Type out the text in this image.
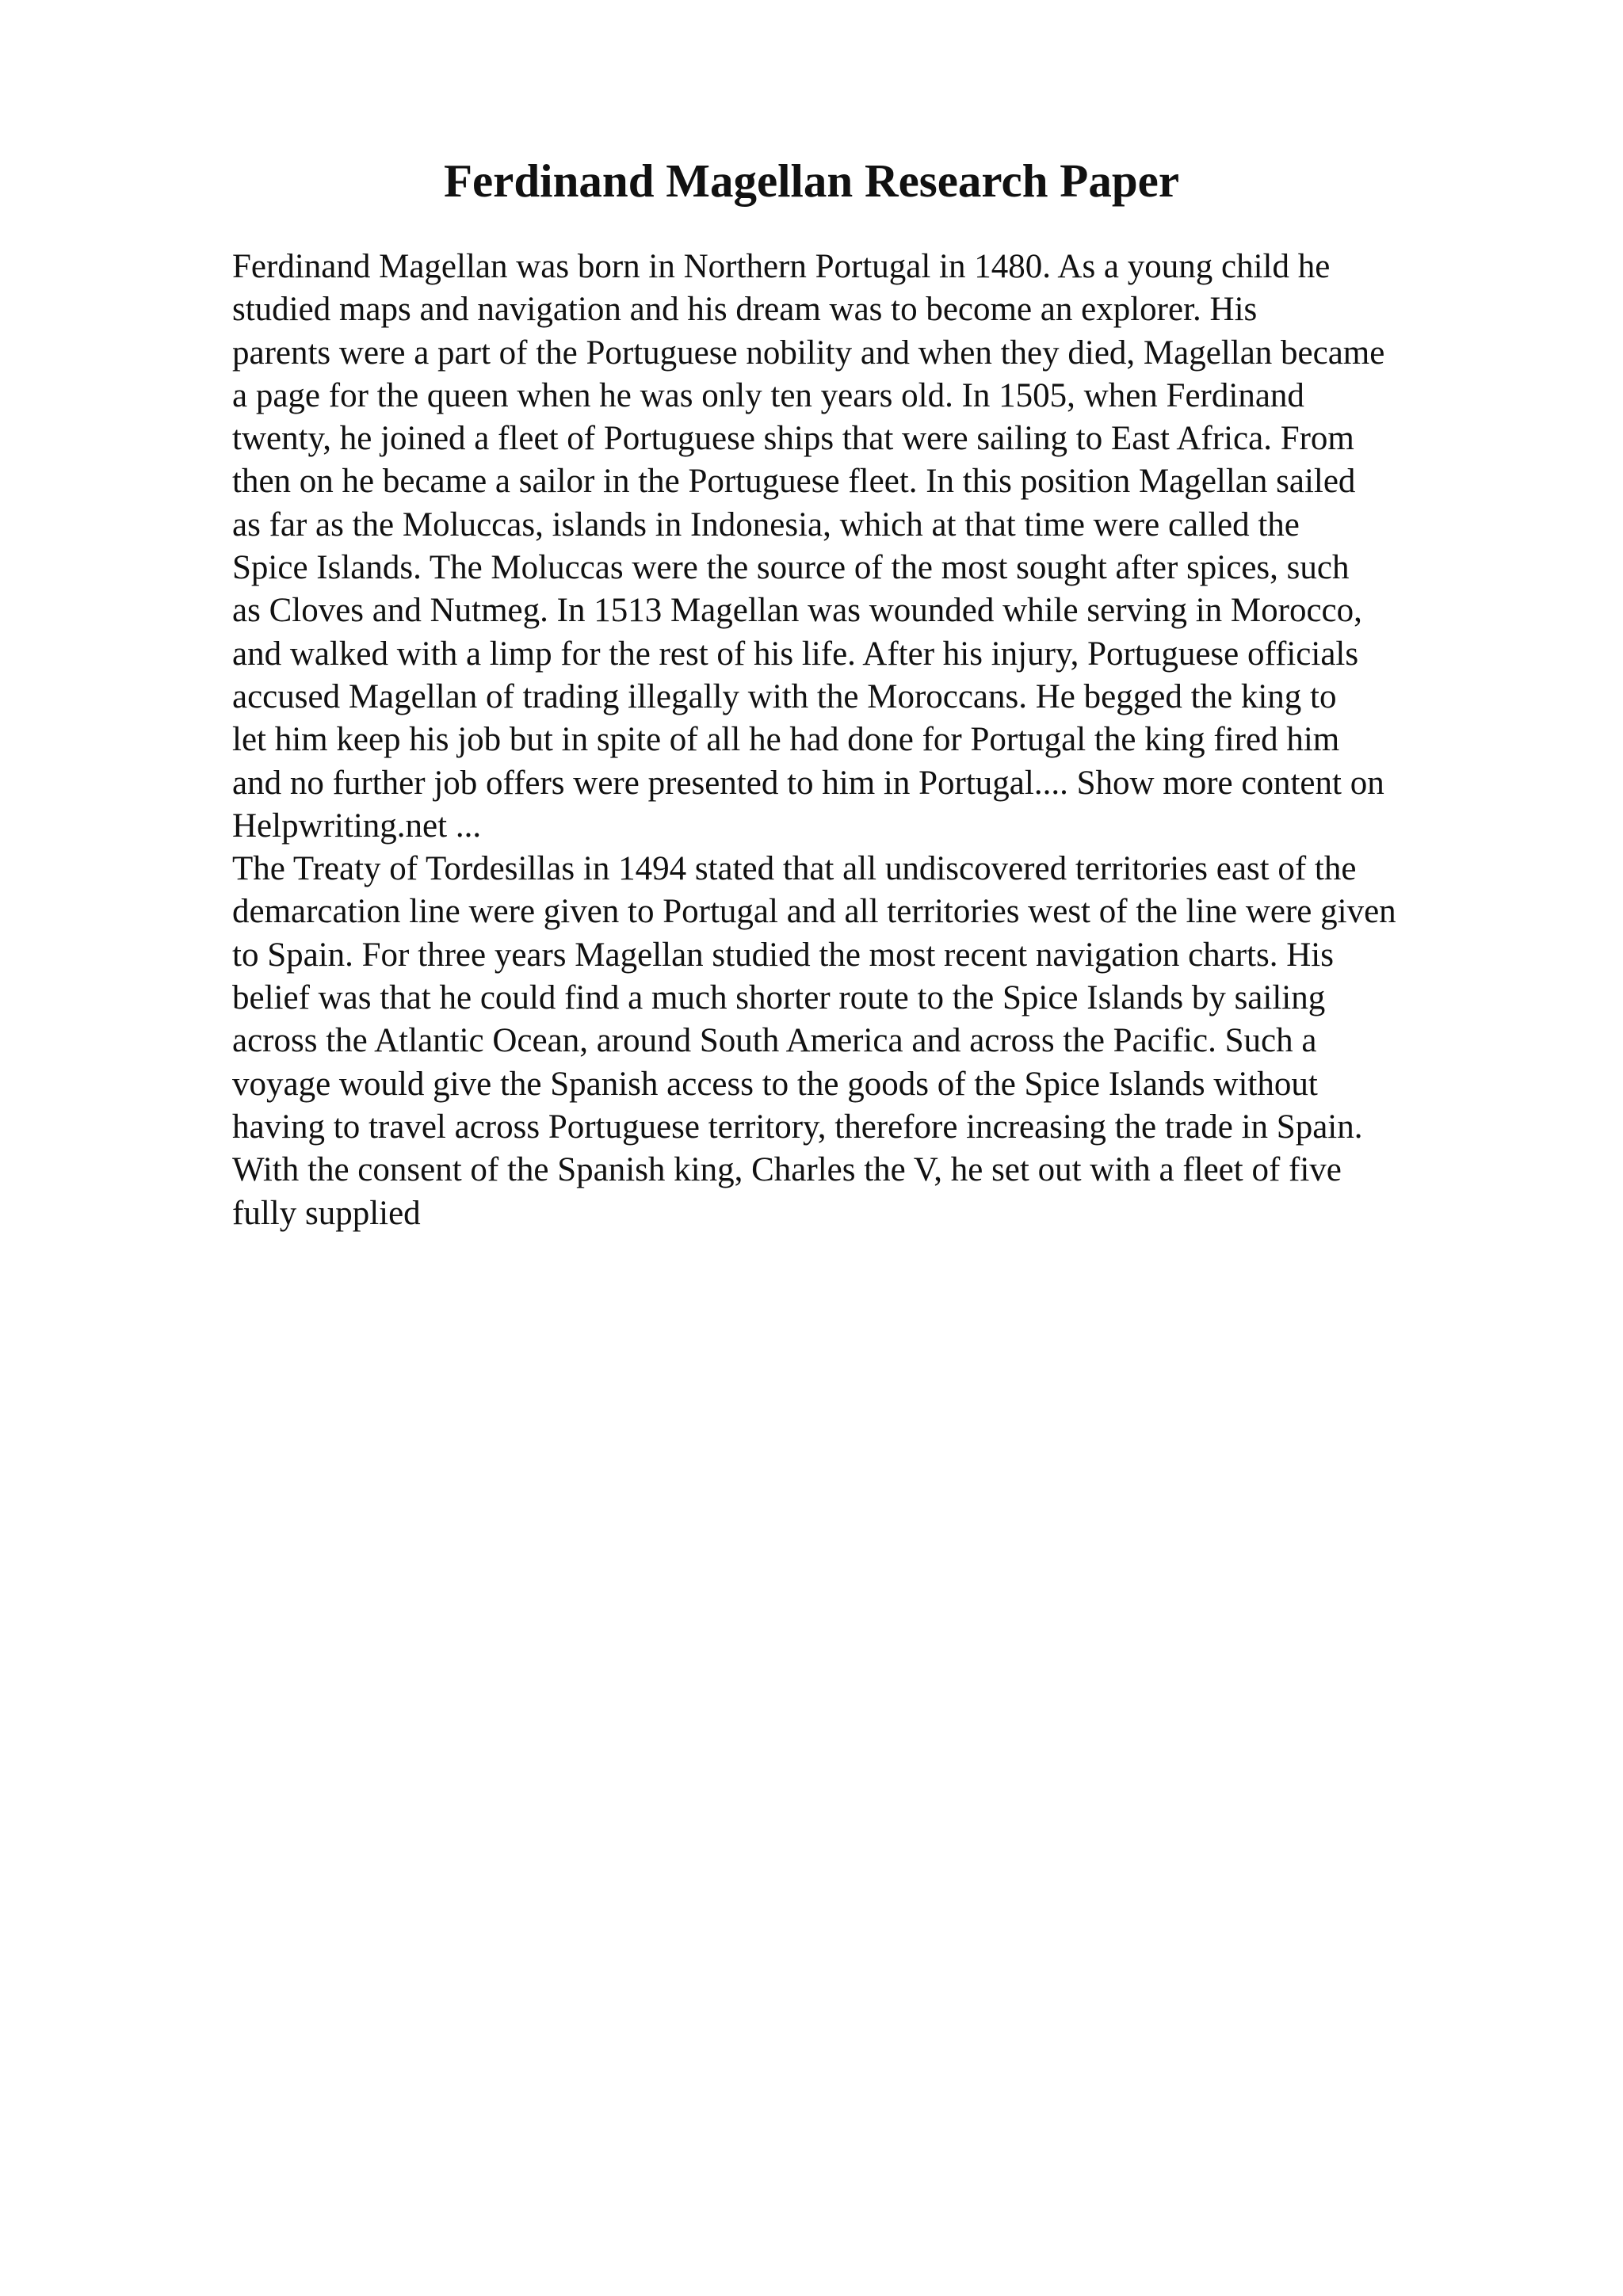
Ferdinand Magellan Research Paper
Ferdinand Magellan was born in Northern Portugal in 1480. As a young child he
studied maps and navigation and his dream was to become an explorer. His
parents were a part of the Portuguese nobility and when they died, Magellan became
a page for the queen when he was only ten years old. In 1505, when Ferdinand
twenty, he joined a fleet of Portuguese ships that were sailing to East Africa. From
then on he became a sailor in the Portuguese fleet. In this position Magellan sailed
as far as the Moluccas, islands in Indonesia, which at that time were called the
Spice Islands. The Moluccas were the source of the most sought after spices, such
as Cloves and Nutmeg. In 1513 Magellan was wounded while serving in Morocco,
and walked with a limp for the rest of his life. After his injury, Portuguese officials
accused Magellan of trading illegally with the Moroccans. He begged the king to
let him keep his job but in spite of all he had done for Portugal the king fired him
and no further job offers were presented to him in Portugal.... Show more content on
Helpwriting.net ...
The Treaty of Tordesillas in 1494 stated that all undiscovered territories east of the
demarcation line were given to Portugal and all territories west of the line were given
to Spain. For three years Magellan studied the most recent navigation charts. His
belief was that he could find a much shorter route to the Spice Islands by sailing
across the Atlantic Ocean, around South America and across the Pacific. Such a
voyage would give the Spanish access to the goods of the Spice Islands without
having to travel across Portuguese territory, therefore increasing the trade in Spain.
With the consent of the Spanish king, Charles the V, he set out with a fleet of five
fully supplied
